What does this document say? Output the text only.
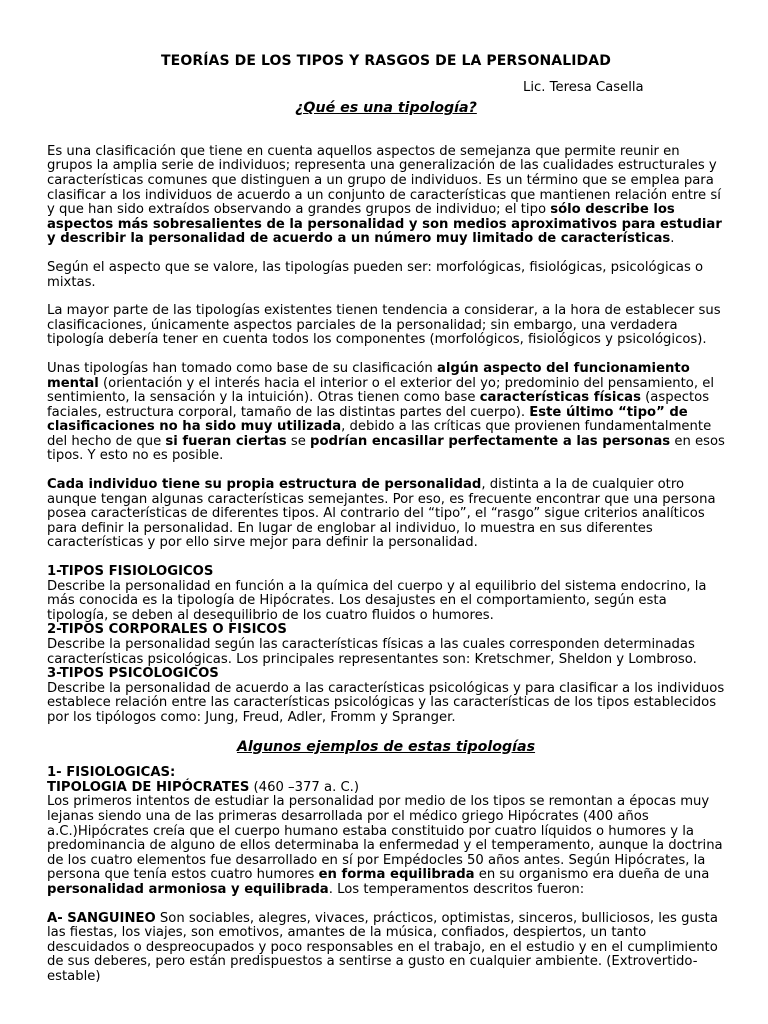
TEORÍAS DE LOS TIPOS Y RASGOS DE LA PERSONALIDAD
Lic. Teresa Casella
¿Qué es una tipología?
Es una clasificación que tiene en cuenta aquellos aspectos de semejanza que permite reunir en grupos la amplia serie de individuos; representa una generalización de las cualidades estructurales y características comunes que distinguen a un grupo de individuos. Es un término que se emplea para clasificar a los individuos de acuerdo a un conjunto de características que mantienen relación entre sí y que han sido extraídos observando a grandes grupos de individuo; el tipo sólo describe los aspectos más sobresalientes de la personalidad y son medios aproximativos para estudiar y describir la personalidad de acuerdo a un número muy limitado de características.
Según el aspecto que se valore, las tipologías pueden ser: morfológicas, fisiológicas, psicológicas o mixtas.
La mayor parte de las tipologías existentes tienen tendencia a considerar, a la hora de establecer sus clasificaciones, únicamente aspectos parciales de la personalidad; sin embargo, una verdadera tipología debería tener en cuenta todos los componentes (morfológicos, fisiológicos y psicológicos).
Unas tipologías han tomado como base de su clasificación algún aspecto del funcionamiento mental (orientación y el interés hacia el interior o el exterior del yo; predominio del pensamiento, el sentimiento, la sensación y la intuición). Otras tienen como base características físicas (aspectos faciales, estructura corporal, tamaño de las distintas partes del cuerpo). Este último “tipo” de clasificaciones no ha sido muy utilizada, debido a las críticas que provienen fundamentalmente del hecho de que si fueran ciertas se podrían encasillar perfectamente a las personas en esos tipos. Y esto no es posible.
Cada individuo tiene su propia estructura de personalidad, distinta a la de cualquier otro aunque tengan algunas características semejantes. Por eso, es frecuente encontrar que una persona posea características de diferentes tipos. Al contrario del “tipo”, el “rasgo” sigue criterios analíticos para definir la personalidad. En lugar de englobar al individuo, lo muestra en sus diferentes características y por ello sirve mejor para definir la personalidad.
1-TIPOS FISIOLOGICOS
Describe la personalidad en función a la química del cuerpo y al equilibrio del sistema endocrino, la más conocida es la tipología de Hipócrates. Los desajustes en el comportamiento, según esta tipología, se deben al desequilibrio de los cuatro fluidos o humores.
2-TIPOS CORPORALES O FISICOS
Describe la personalidad según las características físicas a las cuales corresponden determinadas características psicológicas. Los principales representantes son: Kretschmer, Sheldon y Lombroso.
3-TIPOS PSICOLOGICOS
Describe la personalidad de acuerdo a las características psicológicas y para clasificar a los individuos establece relación entre las características psicológicas y las características de los tipos establecidos por los tipólogos como: Jung, Freud, Adler, Fromm y Spranger.
Algunos ejemplos de estas tipologías
1- FISIOLOGICAS:
TIPOLOGIA DE HIPÓCRATES (460 –377 a. C.)
Los primeros intentos de estudiar la personalidad por medio de los tipos se remontan a épocas muy lejanas siendo una de las primeras desarrollada por el médico griego Hipócrates (400 años a.C.)Hipócrates creía que el cuerpo humano estaba constituido por cuatro líquidos o humores y la predominancia de alguno de ellos determinaba la enfermedad y el temperamento, aunque la doctrina de los cuatro elementos fue desarrollado en sí por Empédocles 50 años antes. Según Hipócrates, la persona que tenía estos cuatro humores en forma equilibrada en su organismo era dueña de una personalidad armoniosa y equilibrada. Los temperamentos descritos fueron:
A- SANGUINEO Son sociables, alegres, vivaces, prácticos, optimistas, sinceros, bulliciosos, les gusta las fiestas, los viajes, son emotivos, amantes de la música, confiados, despiertos, un tanto descuidados o despreocupados y poco responsables en el trabajo, en el estudio y en el cumplimiento de sus deberes, pero están predispuestos a sentirse a gusto en cualquier ambiente. (Extrovertido-estable)
